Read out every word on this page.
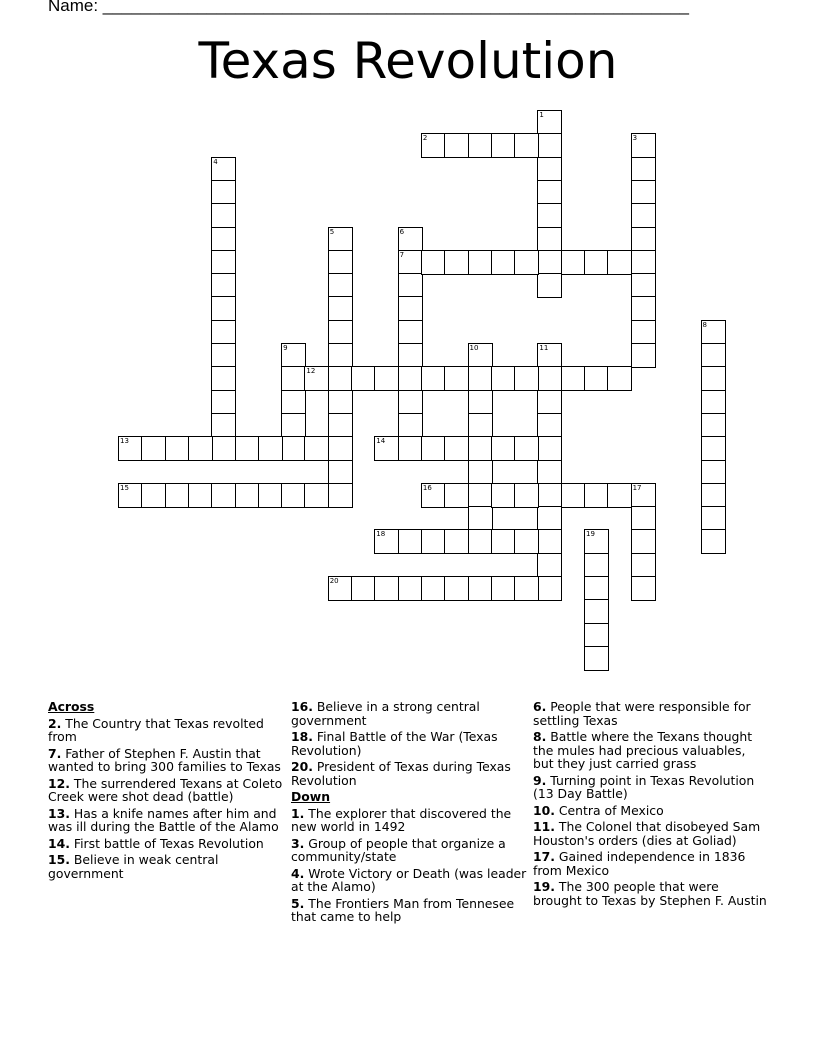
Name: ______________________________________________________________
Texas Revolution
1
2	3
4
5	6
7
8
9	10	11
12
13	14
15	16	17
18	19
20
Across
2. The Country that Texas revolted from
7. Father of Stephen F. Austin that wanted to bring 300 families to Texas
12. The surrendered Texans at Coleto Creek were shot dead (battle)
13. Has a knife names after him and was ill during the Battle of the Alamo
14. First battle of Texas Revolution
15. Believe in weak central government
16. Believe in a strong central government
18. Final Battle of the War (Texas Revolution)
20. President of Texas during Texas Revolution
Down
1. The explorer that discovered the new world in 1492
3. Group of people that organize a community/state
4. Wrote Victory or Death (was leader at the Alamo)
5. The Frontiers Man from Tennesee that came to help
6. People that were responsible for settling Texas
8. Battle where the Texans thought the mules had precious valuables, but they just carried grass
9. Turning point in Texas Revolution (13 Day Battle)
10. Centra of Mexico
11. The Colonel that disobeyed Sam Houston's orders (dies at Goliad)
17. Gained independence in 1836 from Mexico
19. The 300 people that were brought to Texas by Stephen F. Austin
